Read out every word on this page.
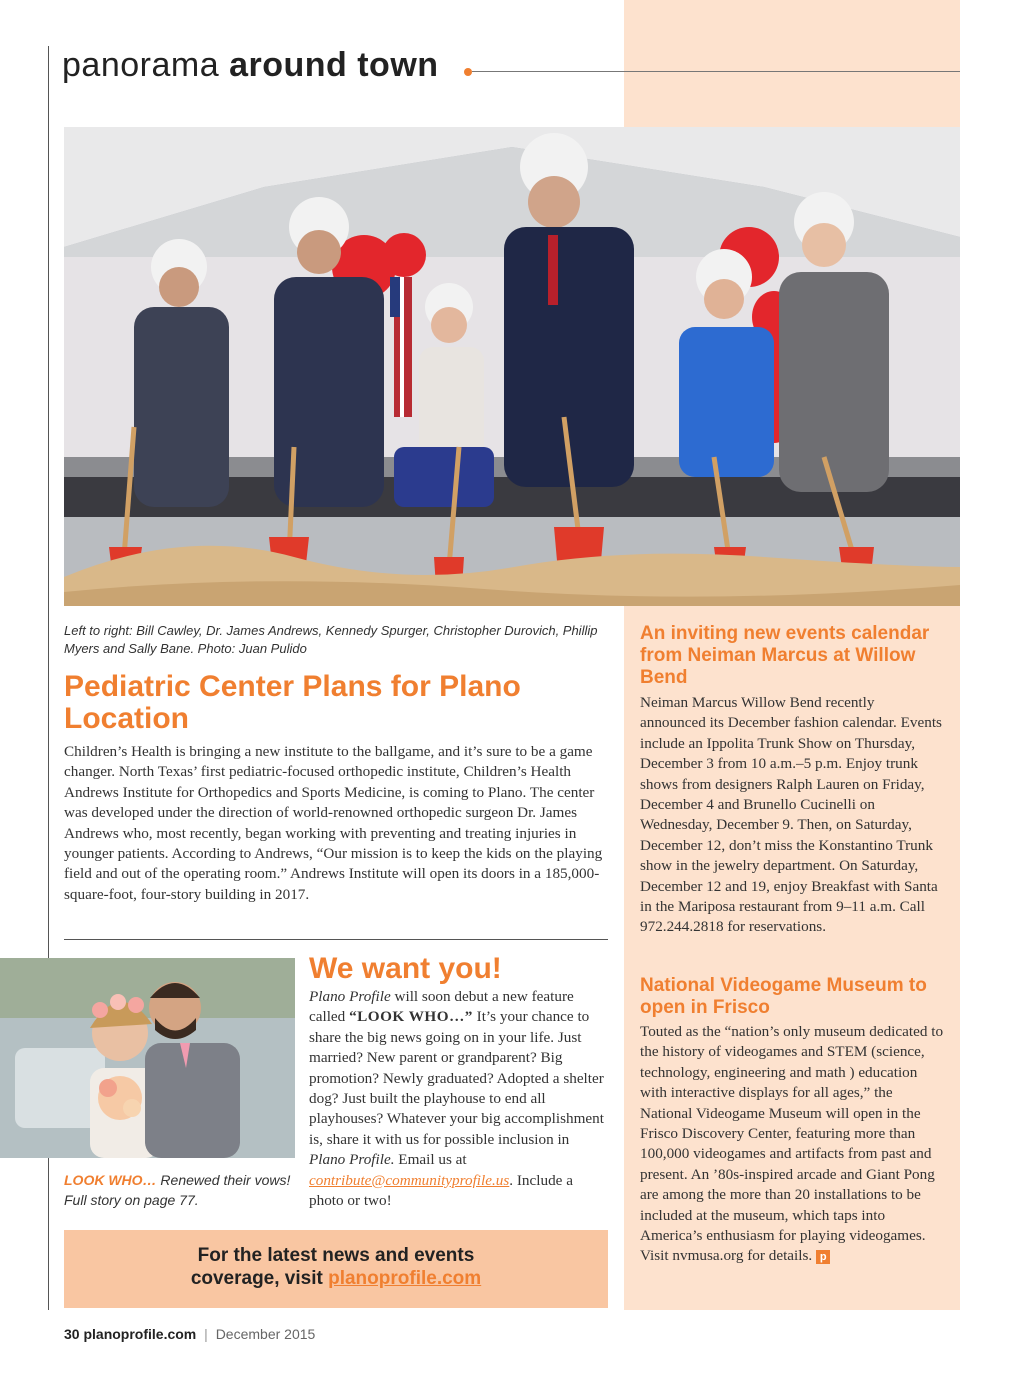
panorama around town
Left to right: Bill Cawley, Dr. James Andrews, Kennedy Spurger, Christopher Durovich, Phillip Myers and Sally Bane. Photo: Juan Pulido
Pediatric Center Plans for Plano Location

Children’s Health is bringing a new institute to the ballgame, and it’s sure to be a game changer. North Texas’ first pediatric-focused orthopedic institute, Children’s Health Andrews Institute for Orthopedics and Sports Medicine, is coming to Plano. The center was developed under the direction of world-renowned orthopedic surgeon Dr. James Andrews who, most recently, began working with preventing and treating injuries in younger patients. According to Andrews, “Our mission is to keep the kids on the playing field and out of the operating room.” Andrews Institute will open its doors in a 185,000-square-foot, four-story building in 2017.

LOOK WHO… Renewed their vows! Full story on page 77.
We want you!

Plano Profile will soon debut a new feature called “LOOK WHO…” It’s your chance to share the big news going on in your life. Just married? New parent or grandparent? Big promotion? Newly graduated? Adopted a shelter dog? Just built the playhouse to end all playhouses? Whatever your big accomplishment is, share it with us for possible inclusion in Plano Profile. Email us at contribute@communityprofile.us. Include a photo or two!

For the latest news and events
coverage, visit planoprofile.com
An inviting new events calendar from Neiman Marcus at Willow Bend

Neiman Marcus Willow Bend recently announced its December fashion calendar. Events include an Ippolita Trunk Show on Thursday, December 3 from 10 a.m.–5 p.m. Enjoy trunk shows from designers Ralph Lauren on Friday, December 4 and Brunello Cucinelli on Wednesday, December 9. Then, on Saturday, December 12, don’t miss the Konstantino Trunk show in the jewelry department. On Saturday, December 12 and 19, enjoy Breakfast with Santa in the Mariposa restaurant from 9–11 a.m. Call 972.244.2818 for reservations.

National Videogame Museum to open in Frisco

Touted as the “nation’s only museum dedicated to the history of videogames and STEM (science, technology, engineering and math ) education with interactive displays for all ages,” the National Videogame Museum will open in the Frisco Discovery Center, featuring more than 100,000 videogames and artifacts from past and present. An ’80s-inspired arcade and Giant Pong are among the more than 20 installations to be included at the museum, which taps into America’s enthusiasm for playing videogames. Visit nvmusa.org for details. p

30 planoprofile.com | December 2015
